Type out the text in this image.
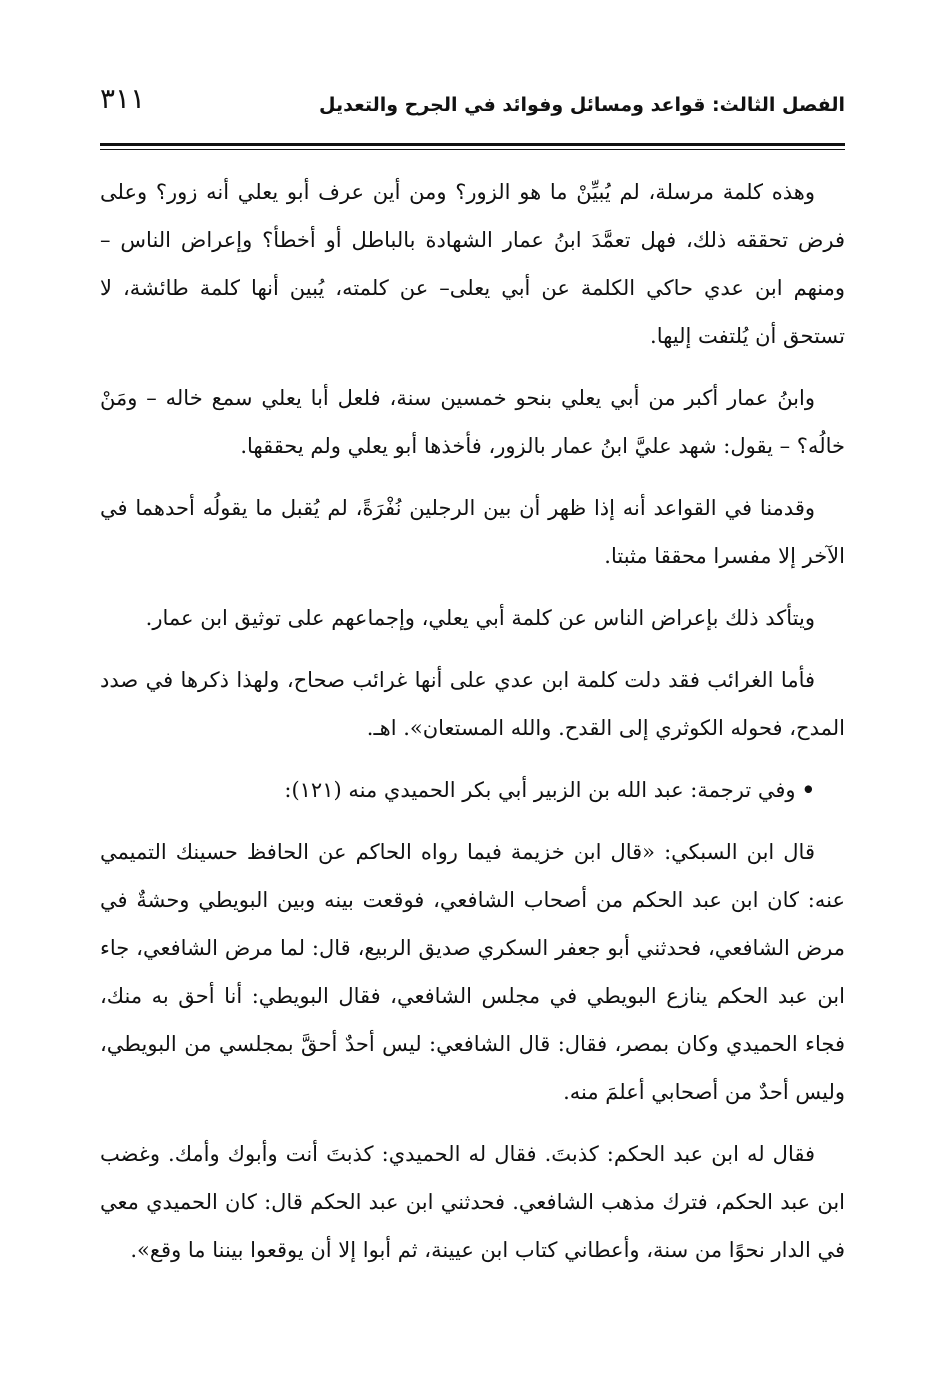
الفصل الثالث: قواعد ومسائل وفوائد في الجرح والتعديل
٣١١

وهذه كلمة مرسلة، لم يُبيِّنْ ما هو الزور؟ ومن أين عرف أبو يعلي أنه زور؟ وعلى فرض تحققه ذلك، فهل تعمَّدَ ابنُ عمار الشهادة بالباطل أو أخطأ؟ وإعراض الناس –ومنهم ابن عدي حاكي الكلمة عن أبي يعلى– عن كلمته، يُبين أنها كلمة طائشة، لا تستحق أن يُلتفت إليها.

وابنُ عمار أكبر من أبي يعلي بنحو خمسين سنة، فلعل أبا يعلي سمع خاله – ومَنْ خالُه؟ – يقول: شهد عليَّ ابنُ عمار بالزور، فأخذها أبو يعلي ولم يحققها.

وقدمنا في القواعد أنه إذا ظهر أن بين الرجلين نُفْرَةً، لم يُقبل ما يقولُه أحدهما في الآخر إلا مفسرا محققا مثبتا.

ويتأكد ذلك بإعراض الناس عن كلمة أبي يعلي، وإجماعهم على توثيق ابن عمار.

فأما الغرائب فقد دلت كلمة ابن عدي على أنها غرائب صحاح، ولهذا ذكرها في صدد المدح، فحوله الكوثري إلى القدح. والله المستعان». اهـ.

•وفي ترجمة: عبد الله بن الزبير أبي بكر الحميدي منه (١٢١):

قال ابن السبكي: «قال ابن خزيمة فيما رواه الحاكم عن الحافظ حسينك التميمي عنه: كان ابن عبد الحكم من أصحاب الشافعي، فوقعت بينه وبين البويطي وحشةٌ في مرض الشافعي، فحدثني أبو جعفر السكري صديق الربيع، قال: لما مرض الشافعي، جاء ابن عبد الحكم ينازع البويطي في مجلس الشافعي، فقال البويطي: أنا أحق به منك، فجاء الحميدي وكان بمصر، فقال: قال الشافعي: ليس أحدٌ أحقَّ بمجلسي من البويطي، وليس أحدٌ من أصحابي أعلمَ منه.

فقال له ابن عبد الحكم: كذبتَ. فقال له الحميدي: كذبتَ أنت وأبوك وأمك. وغضب ابن عبد الحكم، فترك مذهب الشافعي. فحدثني ابن عبد الحكم قال: كان الحميدي معي في الدار نحوًا من سنة، وأعطاني كتاب ابن عيينة، ثم أبوا إلا أن يوقعوا بيننا ما وقع».
